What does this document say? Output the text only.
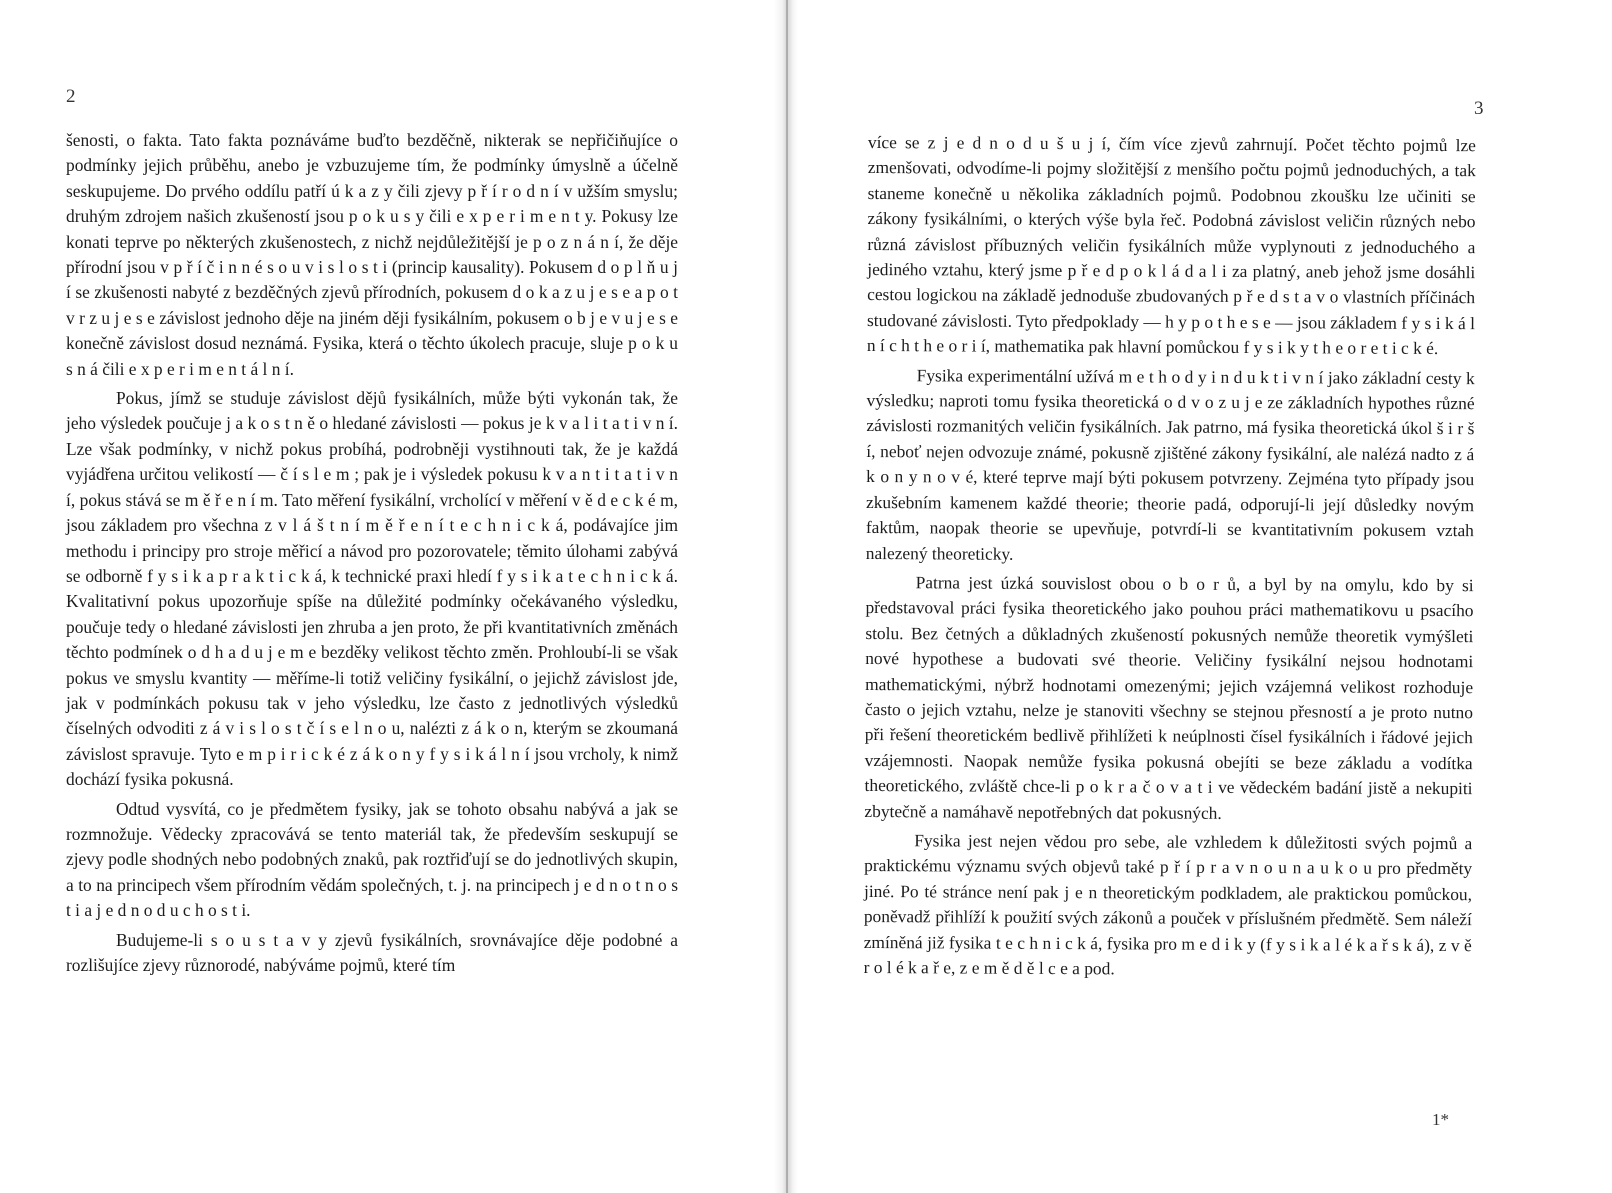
2

šenosti, o fakta. Tato fakta poznáváme buďto bezděčně, nikterak se nepřičiňujíce o podmínky jejich průběhu, anebo je vzbuzujeme tím, že podmínky úmyslně a účelně seskupujeme. Do prvého oddílu patří ú k a z y čili zjevy p ř í r o d n í v užším smyslu; druhým zdrojem našich zkušeností jsou p o k u s y čili e x p e r i m e n t y. Pokusy lze konati teprve po některých zkušenostech, z nichž nejdůležitější je p o z n á n í, že děje přírodní jsou v p ř í č i n n é s o u v i s l o s t i (princip kausality). Pokusem d o p l ň u j í se zkušenosti nabyté z bezděčných zjevů přírodních, pokusem d o k a z u j e s e a p o t v r z u j e s e závislost jednoho děje na jiném ději fysikálním, pokusem o b j e v u j e s e konečně závislost dosud neznámá. Fysika, která o těchto úkolech pracuje, sluje p o k u s n á čili e x p e r i m e n t á l n í.

Pokus, jímž se studuje závislost dějů fysikálních, může býti vykonán tak, že jeho výsledek poučuje j a k o s t n ě o hledané závislosti — pokus je k v a l i t a t i v n í. Lze však podmínky, v nichž pokus probíhá, podrobněji vystihnouti tak, že je každá vyjádřena určitou velikostí — č í s l e m ; pak je i výsledek pokusu k v a n t i t a t i v n í, pokus stává se m ě ř e n í m. Tato měření fysikální, vrcholící v měření v ě d e c k é m, jsou základem pro všechna z v l á š t n í m ě ř e n í t e c h n i c k á, podávajíce jim methodu i principy pro stroje měřicí a návod pro pozorovatele; těmito úlohami zabývá se odborně f y s i k a p r a k t i c k á, k technické praxi hledí f y s i k a t e c h n i c k á. Kvalitativní pokus upozorňuje spíše na důležité podmínky očekávaného výsledku, poučuje tedy o hledané závislosti jen zhruba a jen proto, že při kvantitativních změnách těchto podmínek o d h a d u j e m e bezděky velikost těchto změn. Prohloubí-li se však pokus ve smyslu kvantity — měříme-li totiž veličiny fysikální, o jejichž závislost jde, jak v podmínkách pokusu tak v jeho výsledku, lze často z jednotlivých výsledků číselných odvoditi z á v i s l o s t č í s e l n o u, nalézti z á k o n, kterým se zkoumaná závislost spravuje. Tyto e m p i r i c k é z á k o n y f y s i k á l n í jsou vrcholy, k nimž dochází fysika pokusná.

Odtud vysvítá, co je předmětem fysiky, jak se tohoto obsahu nabývá a jak se rozmnožuje. Vědecky zpracovává se tento materiál tak, že především seskupují se zjevy podle shodných nebo podobných znaků, pak roztřiďují se do jednotlivých skupin, a to na principech všem přírodním vědám společných, t. j. na principech j e d n o t n o s t i a j e d n o d u c h o s t i.

Budujeme-li s o u s t a v y zjevů fysikálních, srovnávajíce děje podobné a rozlišujíce zjevy různorodé, nabýváme pojmů, které tím

3

více se z j e d n o d u š u j í, čím více zjevů zahrnují. Počet těchto pojmů lze zmenšovati, odvodíme-li pojmy složitější z menšího počtu pojmů jednoduchých, a tak staneme konečně u několika základních pojmů. Podobnou zkoušku lze učiniti se zákony fysikálními, o kterých výše byla řeč. Podobná závislost veličin různých nebo různá závislost příbuzných veličin fysikálních může vyplynouti z jednoduchého a jediného vztahu, který jsme p ř e d p o k l á d a l i za platný, aneb jehož jsme dosáhli cestou logickou na základě jednoduše zbudovaných p ř e d s t a v o vlastních příčinách studované závislosti. Tyto předpoklady — h y p o t h e s e — jsou základem f y s i k á l n í c h t h e o r i í, mathematika pak hlavní pomůckou f y s i k y t h e o r e t i c k é.

Fysika experimentální užívá m e t h o d y i n d u k t i v n í jako základní cesty k výsledku; naproti tomu fysika theoretická o d v o z u j e ze základních hypothes různé závislosti rozmanitých veličin fysikálních. Jak patrno, má fysika theoretická úkol š i r š í, neboť nejen odvozuje známé, pokusně zjištěné zákony fysikální, ale nalézá nadto z á k o n y n o v é, které teprve mají býti pokusem potvrzeny. Zejména tyto případy jsou zkušebním kamenem každé theorie; theorie padá, odporují-li její důsledky novým faktům, naopak theorie se upevňuje, potvrdí-li se kvantitativním pokusem vztah nalezený theoreticky.

Patrna jest úzká souvislost obou o b o r ů, a byl by na omylu, kdo by si představoval práci fysika theoretického jako pouhou práci mathematikovu u psacího stolu. Bez četných a důkladných zkušeností pokusných nemůže theoretik vymýšleti nové hypothese a budovati své theorie. Veličiny fysikální nejsou hodnotami mathematickými, nýbrž hodnotami omezenými; jejich vzájemná velikost rozhoduje často o jejich vztahu, nelze je stanoviti všechny se stejnou přesností a je proto nutno při řešení theoretickém bedlivě přihlížeti k neúplnosti čísel fysikálních i řádové jejich vzájemnosti. Naopak nemůže fysika pokusná obejíti se beze základu a vodítka theoretického, zvláště chce-li p o k r a č o v a t i ve vědeckém badání jistě a nekupiti zbytečně a namáhavě nepotřebných dat pokusných.

Fysika jest nejen vědou pro sebe, ale vzhledem k důležitosti svých pojmů a praktickému významu svých objevů také p ř í p r a v n o u n a u k o u pro předměty jiné. Po té stránce není pak j e n theoretickým podkladem, ale praktickou pomůckou, poněvadž přihlíží k použití svých zákonů a pouček v příslušném předmětě. Sem náleží zmíněná již fysika t e c h n i c k á, fysika pro m e d i k y (f y s i k a l é k a ř s k á), z v ě r o l é k a ř e, z e m ě d ě l c e a pod.

1*
